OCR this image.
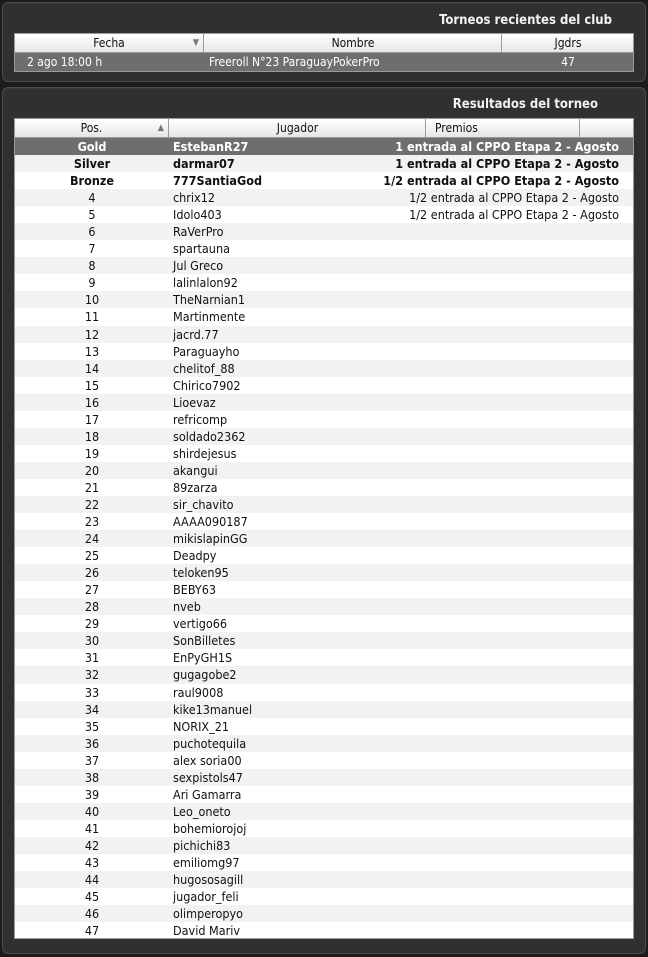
Torneos recientes del club
Fecha	▼	Nombre	Jgdrs
2 ago 18:00 h	Freeroll N°23 ParaguayPokerPro	47
Resultados del torneo
Pos.	▲	Jugador	Premios
Gold	EstebanR27	1 entrada al CPPO Etapa 2 - Agosto
Silver	darmar07	1 entrada al CPPO Etapa 2 - Agosto
Bronze	777SantiaGod	1/2 entrada al CPPO Etapa 2 - Agosto
4	chrix12	1/2 entrada al CPPO Etapa 2 - Agosto
5	Idolo403	1/2 entrada al CPPO Etapa 2 - Agosto
6	RaVerPro
7	spartauna
8	Jul Greco
9	lalinlalon92
10	TheNarnian1
11	Martinmente
12	jacrd.77
13	Paraguayho
14	chelitof_88
15	Chirico7902
16	Lioevaz
17	refricomp
18	soldado2362
19	shirdejesus
20	akangui
21	89zarza
22	sir_chavito
23	AAAA090187
24	mikislapinGG
25	Deadpy
26	teloken95
27	BEBY63
28	nveb
29	vertigo66
30	SonBilletes
31	EnPyGH1S
32	gugagobe2
33	raul9008
34	kike13manuel
35	NORIX_21
36	puchotequila
37	alex soria00
38	sexpistols47
39	Ari Gamarra
40	Leo_oneto
41	bohemiorojoj
42	pichichi83
43	emiliomg97
44	hugososagill
45	jugador_feli
46	olimperopyo
47	David Mariv
